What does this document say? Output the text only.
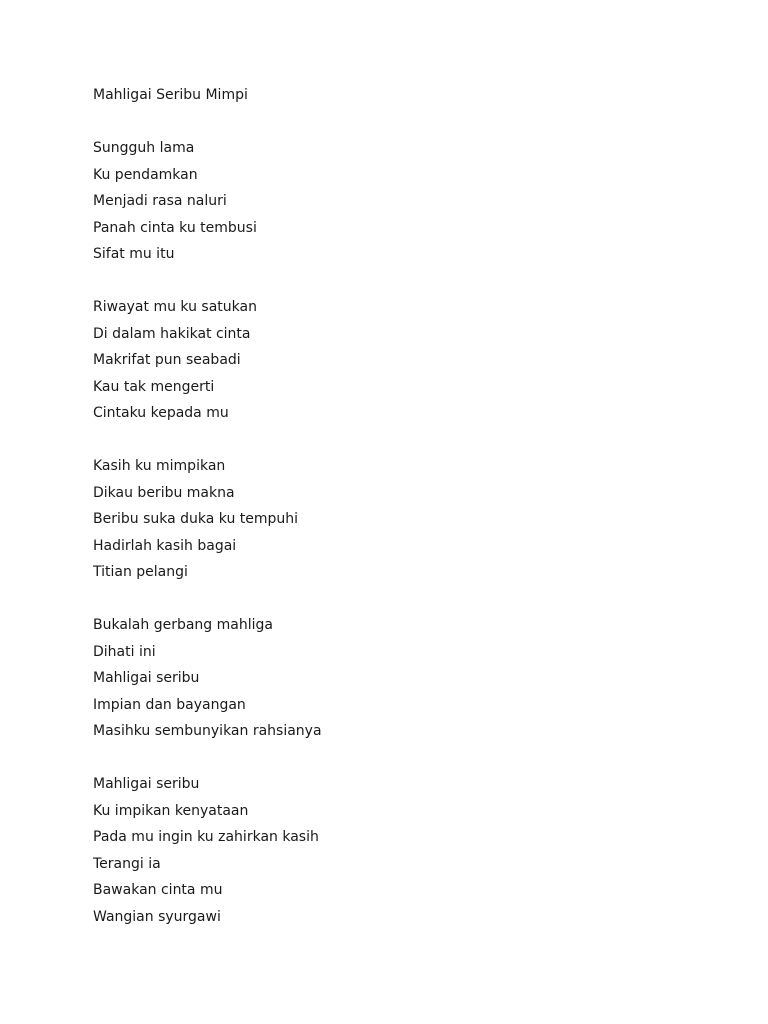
Mahligai Seribu Mimpi
Sungguh lama
Ku pendamkan
Menjadi rasa naluri
Panah cinta ku tembusi
Sifat mu itu
Riwayat mu ku satukan
Di dalam hakikat cinta
Makrifat pun seabadi
Kau tak mengerti
Cintaku kepada mu
Kasih ku mimpikan
Dikau beribu makna
Beribu suka duka ku tempuhi
Hadirlah kasih bagai
Titian pelangi
Bukalah gerbang mahliga
Dihati ini
Mahligai seribu
Impian dan bayangan
Masihku sembunyikan rahsianya
Mahligai seribu
Ku impikan kenyataan
Pada mu ingin ku zahirkan kasih
Terangi ia
Bawakan cinta mu
Wangian syurgawi
